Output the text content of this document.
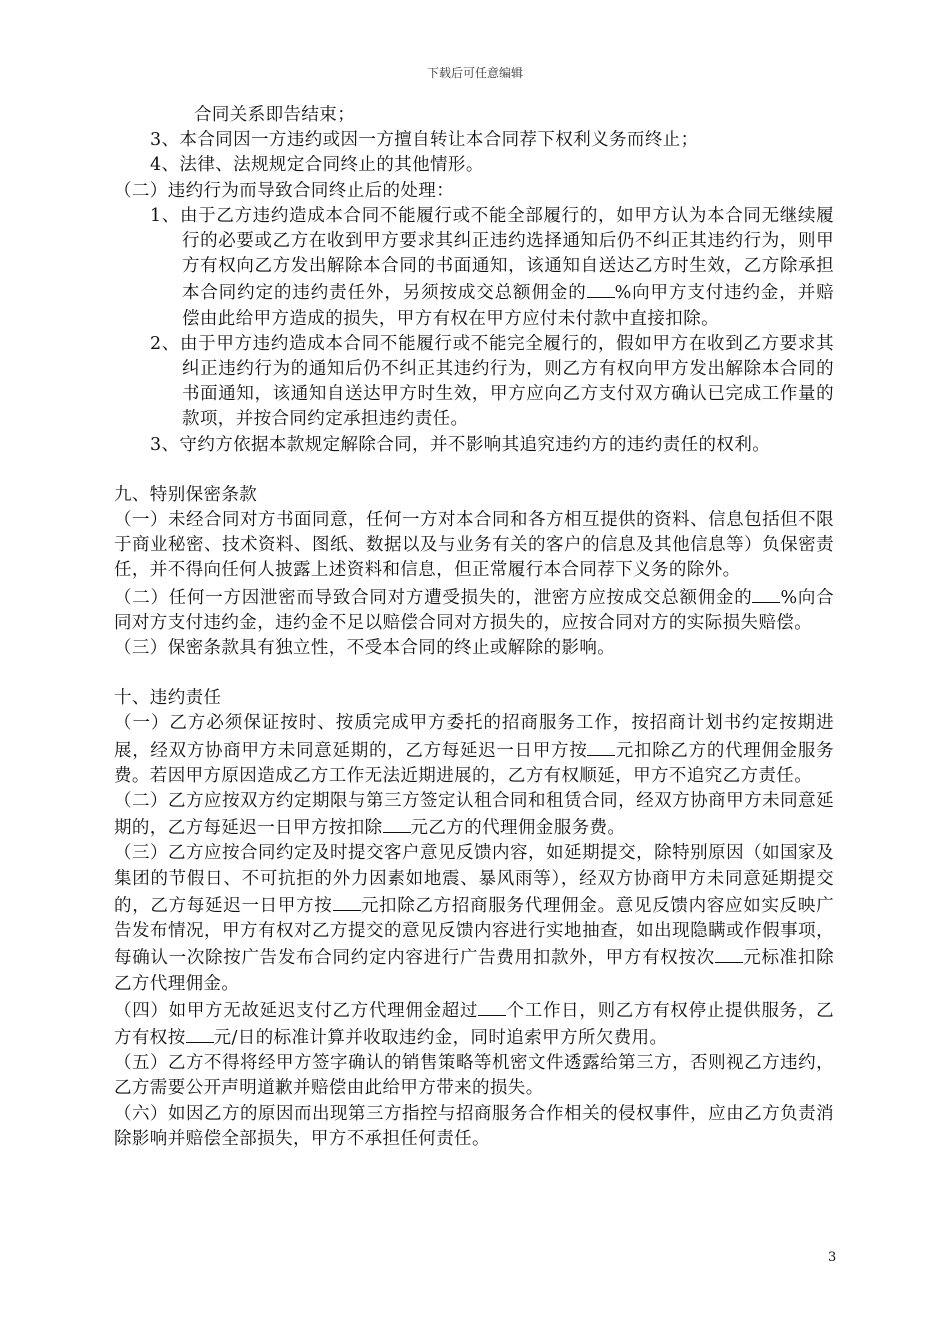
下载后可任意编辑

合同关系即告结束；

3、本合同因一方违约或因一方擅自转让本合同荐下权利义务而终止；

4、法律、法规规定合同终止的其他情形。

（二）违约行为而导致合同终止后的处理：

1、由于乙方违约造成本合同不能履行或不能全部履行的，如甲方认为本合同无继续履行的必要或乙方在收到甲方要求其纠正违约选择通知后仍不纠正其违约行为，则甲方有权向乙方发出解除本合同的书面通知，该通知自送达乙方时生效，乙方除承担本合同约定的违约责任外，另须按成交总额佣金的 %向甲方支付违约金，并赔偿由此给甲方造成的损失，甲方有权在甲方应付未付款中直接扣除。

2、由于甲方违约造成本合同不能履行或不能完全履行的，假如甲方在收到乙方要求其纠正违约行为的通知后仍不纠正其违约行为，则乙方有权向甲方发出解除本合同的书面通知，该通知自送达甲方时生效，甲方应向乙方支付双方确认已完成工作量的款项，并按合同约定承担违约责任。

3、守约方依据本款规定解除合同，并不影响其追究违约方的违约责任的权利。

九、特别保密条款

（一）未经合同对方书面同意，任何一方对本合同和各方相互提供的资料、信息包括但不限于商业秘密、技术资料、图纸、数据以及与业务有关的客户的信息及其他信息等）负保密责任，并不得向任何人披露上述资料和信息，但正常履行本合同荐下义务的除外。

（二）任何一方因泄密而导致合同对方遭受损失的，泄密方应按成交总额佣金的 %向合同对方支付违约金，违约金不足以赔偿合同对方损失的，应按合同对方的实际损失赔偿。

（三）保密条款具有独立性，不受本合同的终止或解除的影响。

十、违约责任

（一）乙方必须保证按时、按质完成甲方委托的招商服务工作，按招商计划书约定按期进展，经双方协商甲方未同意延期的，乙方每延迟一日甲方按 元扣除乙方的代理佣金服务费。若因甲方原因造成乙方工作无法近期进展的，乙方有权顺延，甲方不追究乙方责任。

（二）乙方应按双方约定期限与第三方签定认租合同和租赁合同，经双方协商甲方未同意延期的，乙方每延迟一日甲方按扣除 元乙方的代理佣金服务费。

（三）乙方应按合同约定及时提交客户意见反馈内容，如延期提交，除特别原因（如国家及集团的节假日、不可抗拒的外力因素如地震、暴风雨等），经双方协商甲方未同意延期提交的，乙方每延迟一日甲方按 元扣除乙方招商服务代理佣金。意见反馈内容应如实反映广告发布情况，甲方有权对乙方提交的意见反馈内容进行实地抽查，如出现隐瞒或作假事项，每确认一次除按广告发布合同约定内容进行广告费用扣款外，甲方有权按次 元标准扣除乙方代理佣金。

（四）如甲方无故延迟支付乙方代理佣金超过 个工作日，则乙方有权停止提供服务，乙方有权按 元/日的标准计算并收取违约金，同时追索甲方所欠费用。

（五）乙方不得将经甲方签字确认的销售策略等机密文件透露给第三方，否则视乙方违约，乙方需要公开声明道歉并赔偿由此给甲方带来的损失。

（六）如因乙方的原因而出现第三方指控与招商服务合作相关的侵权事件，应由乙方负责消除影响并赔偿全部损失，甲方不承担任何责任。

3
